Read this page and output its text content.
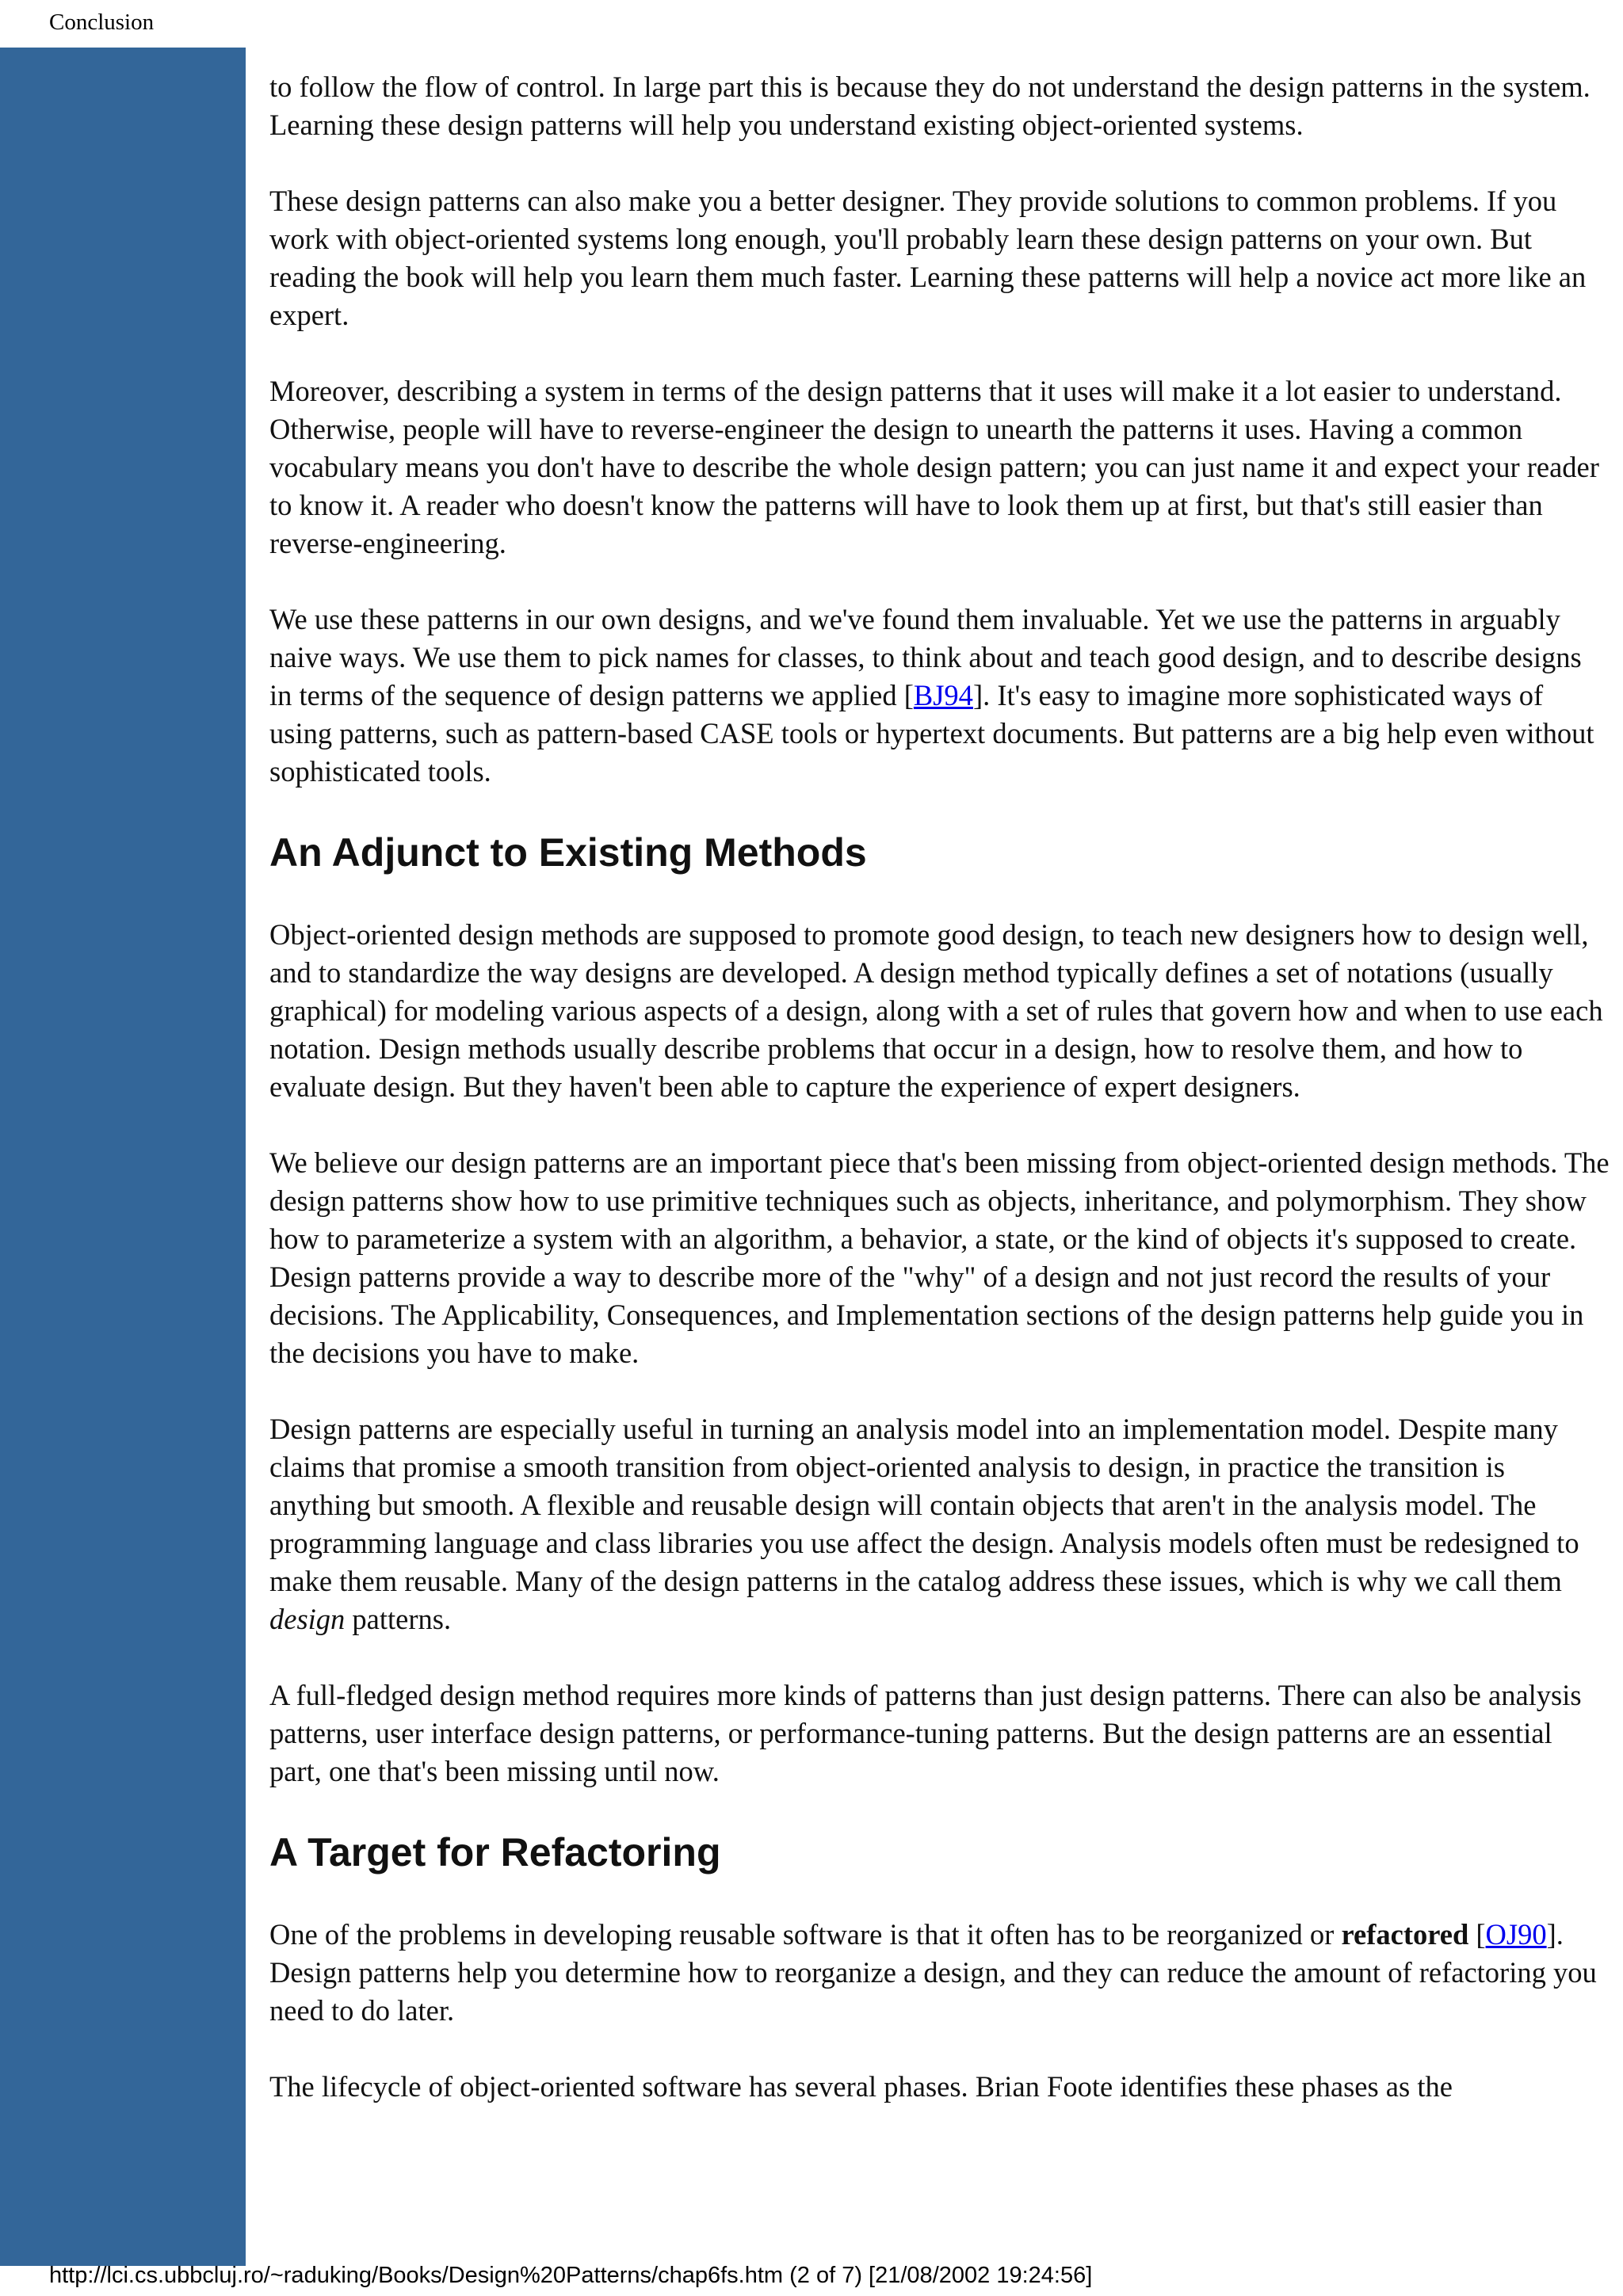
Conclusion

to follow the flow of control. In large part this is because they do not understand the design patterns in the system. Learning these design patterns will help you understand existing object-oriented systems.

These design patterns can also make you a better designer. They provide solutions to common problems. If you work with object-oriented systems long enough, you'll probably learn these design patterns on your own. But reading the book will help you learn them much faster. Learning these patterns will help a novice act more like an expert.

Moreover, describing a system in terms of the design patterns that it uses will make it a lot easier to understand. Otherwise, people will have to reverse-engineer the design to unearth the patterns it uses. Having a common vocabulary means you don't have to describe the whole design pattern; you can just name it and expect your reader to know it. A reader who doesn't know the patterns will have to look them up at first, but that's still easier than reverse-engineering.

We use these patterns in our own designs, and we've found them invaluable. Yet we use the patterns in arguably naive ways. We use them to pick names for classes, to think about and teach good design, and to describe designs in terms of the sequence of design patterns we applied [BJ94]. It's easy to imagine more sophisticated ways of using patterns, such as pattern-based CASE tools or hypertext documents. But patterns are a big help even without sophisticated tools.

An Adjunct to Existing Methods

Object-oriented design methods are supposed to promote good design, to teach new designers how to design well, and to standardize the way designs are developed. A design method typically defines a set of notations (usually graphical) for modeling various aspects of a design, along with a set of rules that govern how and when to use each notation. Design methods usually describe problems that occur in a design, how to resolve them, and how to evaluate design. But they haven't been able to capture the experience of expert designers.

We believe our design patterns are an important piece that's been missing from object-oriented design methods. The design patterns show how to use primitive techniques such as objects, inheritance, and polymorphism. They show how to parameterize a system with an algorithm, a behavior, a state, or the kind of objects it's supposed to create. Design patterns provide a way to describe more of the "why" of a design and not just record the results of your decisions. The Applicability, Consequences, and Implementation sections of the design patterns help guide you in the decisions you have to make.

Design patterns are especially useful in turning an analysis model into an implementation model. Despite many claims that promise a smooth transition from object-oriented analysis to design, in practice the transition is anything but smooth. A flexible and reusable design will contain objects that aren't in the analysis model. The programming language and class libraries you use affect the design. Analysis models often must be redesigned to make them reusable. Many of the design patterns in the catalog address these issues, which is why we call them design patterns.

A full-fledged design method requires more kinds of patterns than just design patterns. There can also be analysis patterns, user interface design patterns, or performance-tuning patterns. But the design patterns are an essential part, one that's been missing until now.

A Target for Refactoring

One of the problems in developing reusable software is that it often has to be reorganized or refactored [OJ90]. Design patterns help you determine how to reorganize a design, and they can reduce the amount of refactoring you need to do later.

The lifecycle of object-oriented software has several phases. Brian Foote identifies these phases as the

http://lci.cs.ubbcluj.ro/~raduking/Books/Design%20Patterns/chap6fs.htm (2 of 7) [21/08/2002 19:24:56]
